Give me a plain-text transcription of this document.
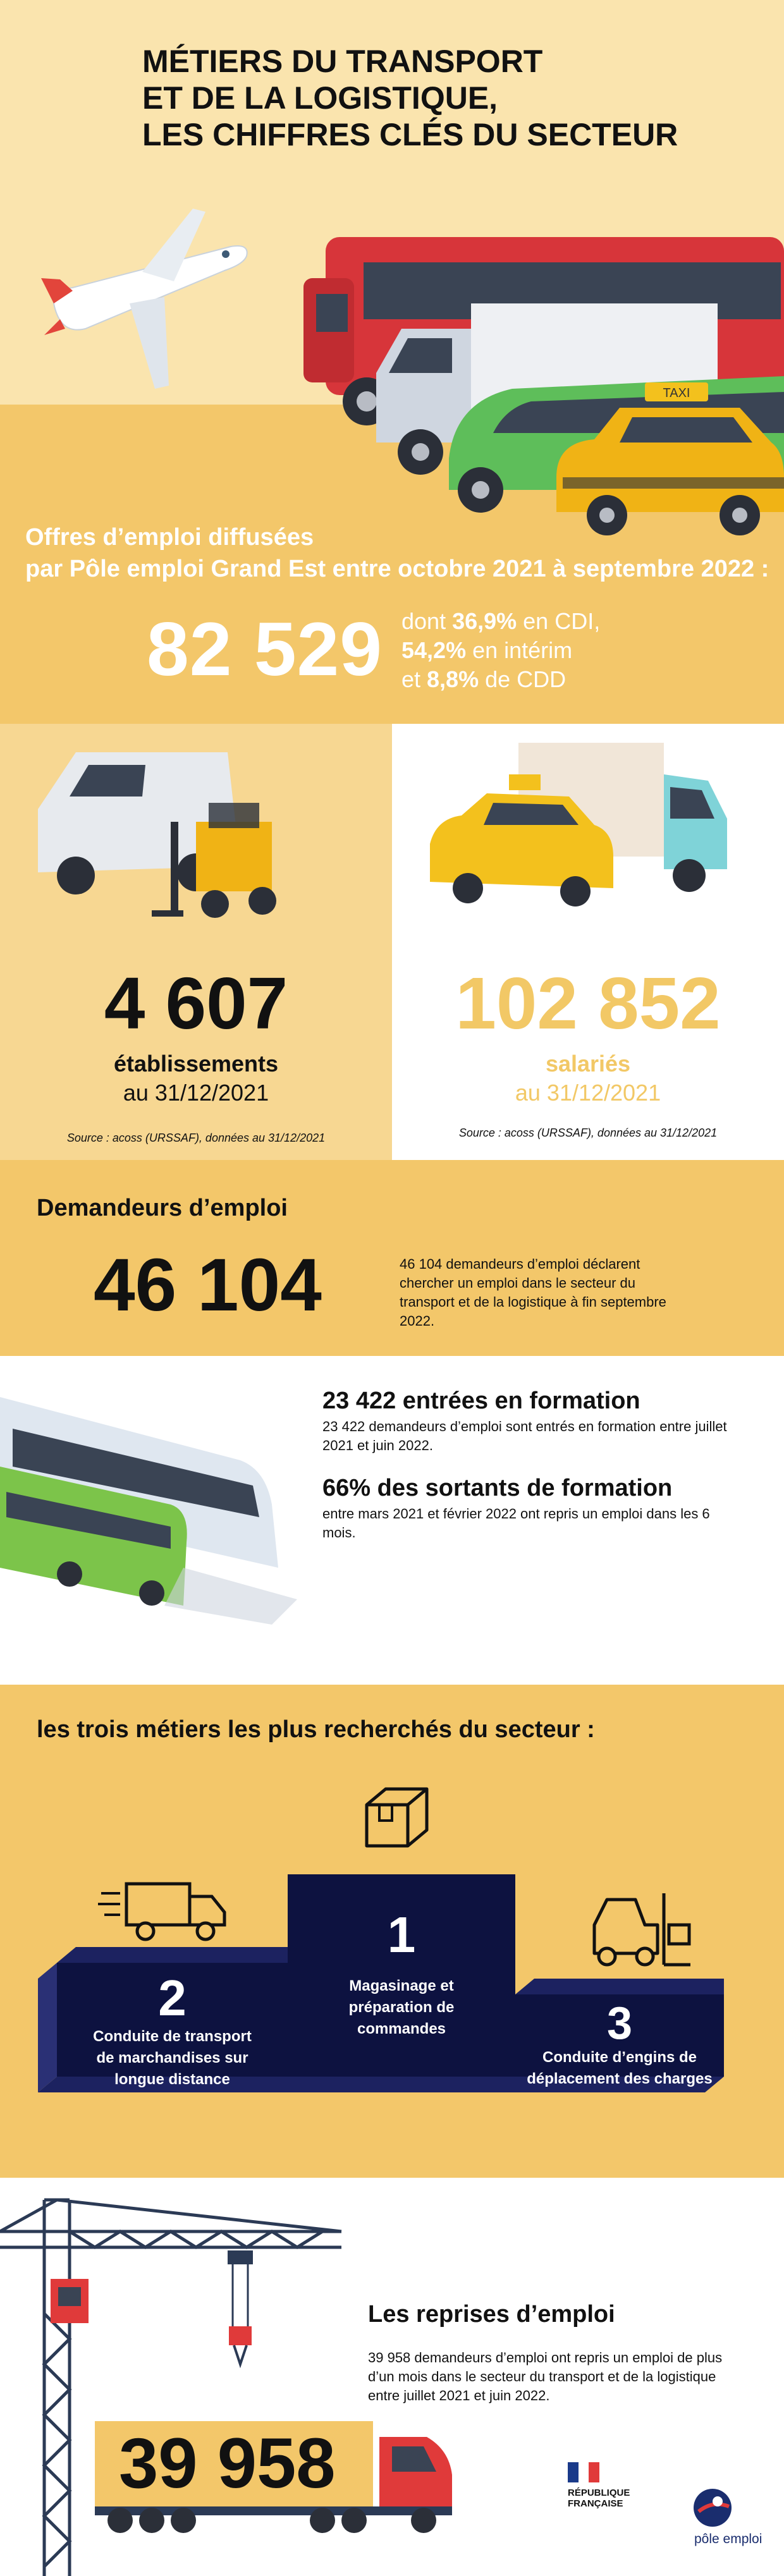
MÉTIERS DU TRANSPORT
ET DE LA LOGISTIQUE,
LES CHIFFRES CLÉS DU SECTEUR
TAXI
Offres d’emploi diffusées
par Pôle emploi Grand Est entre octobre 2021 à septembre 2022 :
82 529 dont 36,9% en CDI,
54,2% en intérim
et 8,8% de CDD
4 607
établissements
au 31/12/2021
Source : acoss (URSSAF), données au 31/12/2021
102 852
salariés
au 31/12/2021
Source : acoss (URSSAF), données au 31/12/2021
Demandeurs d’emploi
46 104	46 104 demandeurs d’emploi déclarent chercher un emploi dans le secteur du transport et de la logistique à fin septembre 2022.
23 422 entrées en formation
23 422 demandeurs d’emploi sont entrés en formation entre juillet 2021 et juin 2022.
66% des sortants de formation
entre mars 2021 et février 2022 ont repris un emploi dans les 6 mois.
les trois métiers les plus recherchés du secteur :
1
Magasinage et
préparation de
commandes
2
Conduite de transport
de marchandises sur
longue distance
3
Conduite d’engins de
déplacement des charges
39 958
Les reprises d’emploi
39 958 demandeurs d’emploi ont repris un emploi de plus d’un mois dans le secteur du transport et de la logistique entre juillet 2021 et juin 2022.
RÉPUBLIQUE
FRANÇAISE
pôle emploi
